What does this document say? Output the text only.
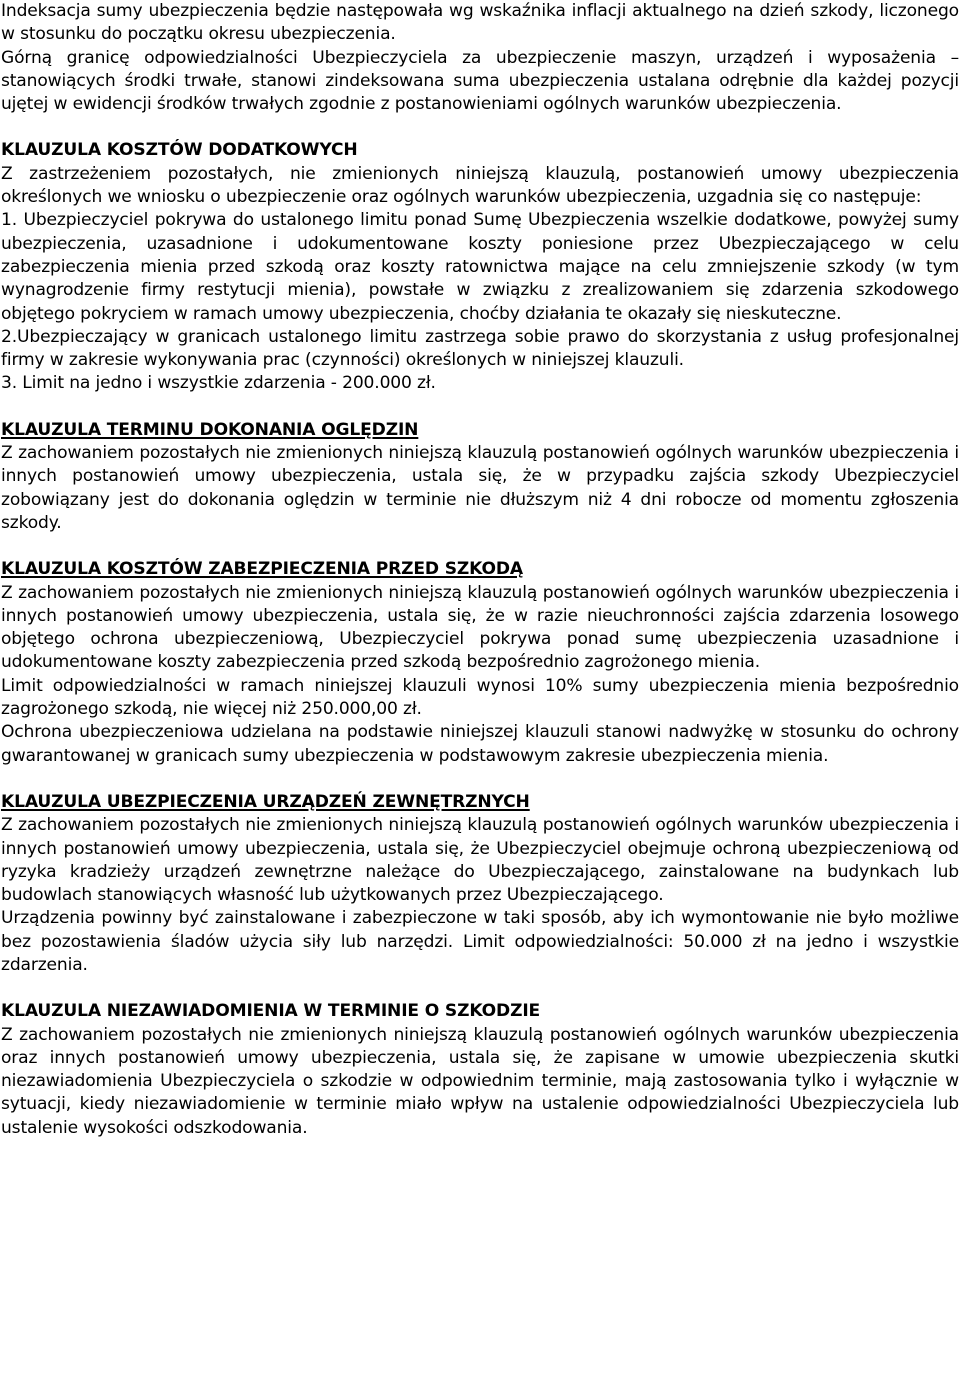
Indeksacja sumy ubezpieczenia będzie następowała wg wskaźnika inflacji aktualnego na dzień szkody, liczonego w stosunku do początku okresu ubezpieczenia.

Górną granicę odpowiedzialności Ubezpieczyciela za ubezpieczenie maszyn, urządzeń i wyposażenia – stanowiących środki trwałe, stanowi zindeksowana suma ubezpieczenia ustalana odrębnie dla każdej pozycji ujętej w ewidencji środków trwałych zgodnie z postanowieniami ogólnych warunków ubezpieczenia.

KLAUZULA KOSZTÓW DODATKOWYCH

Z zastrzeżeniem pozostałych, nie zmienionych niniejszą klauzulą, postanowień umowy ubezpieczenia określonych we wniosku o ubezpieczenie oraz ogólnych warunków ubezpieczenia, uzgadnia się co następuje:

1. Ubezpieczyciel pokrywa do ustalonego limitu ponad Sumę Ubezpieczenia wszelkie dodatkowe, powyżej sumy ubezpieczenia, uzasadnione i udokumentowane koszty poniesione przez Ubezpieczającego w celu zabezpieczenia mienia przed szkodą oraz koszty ratownictwa mające na celu zmniejszenie szkody (w tym wynagrodzenie firmy restytucji mienia), powstałe w związku z zrealizowaniem się zdarzenia szkodowego objętego pokryciem w ramach umowy ubezpieczenia, choćby działania te okazały się nieskuteczne.

2.Ubezpieczający w granicach ustalonego limitu zastrzega sobie prawo do skorzystania z usług profesjonalnej firmy w zakresie wykonywania prac (czynności) określonych w niniejszej klauzuli.

3. Limit na jedno i wszystkie zdarzenia - 200.000 zł.

KLAUZULA TERMINU DOKONANIA OGLĘDZIN

Z zachowaniem pozostałych nie zmienionych niniejszą klauzulą postanowień ogólnych warunków ubezpieczenia i innych postanowień umowy ubezpieczenia, ustala się, że w przypadku zajścia szkody Ubezpieczyciel zobowiązany jest do dokonania oględzin w terminie nie dłuższym niż 4 dni robocze od momentu zgłoszenia szkody.

KLAUZULA KOSZTÓW ZABEZPIECZENIA PRZED SZKODĄ

Z zachowaniem pozostałych nie zmienionych niniejszą klauzulą postanowień ogólnych warunków ubezpieczenia i innych postanowień umowy ubezpieczenia, ustala się, że w razie nieuchronności zajścia zdarzenia losowego objętego ochrona ubezpieczeniową, Ubezpieczyciel pokrywa ponad sumę ubezpieczenia uzasadnione i udokumentowane koszty zabezpieczenia przed szkodą bezpośrednio zagrożonego mienia.

Limit odpowiedzialności w ramach niniejszej klauzuli wynosi 10% sumy ubezpieczenia mienia bezpośrednio zagrożonego szkodą, nie więcej niż 250.000,00 zł.

Ochrona ubezpieczeniowa udzielana na podstawie niniejszej klauzuli stanowi nadwyżkę w stosunku do ochrony gwarantowanej w granicach sumy ubezpieczenia w podstawowym zakresie ubezpieczenia mienia.

KLAUZULA UBEZPIECZENIA URZĄDZEŃ ZEWNĘTRZNYCH

Z zachowaniem pozostałych nie zmienionych niniejszą klauzulą postanowień ogólnych warunków ubezpieczenia i innych postanowień umowy ubezpieczenia, ustala się, że Ubezpieczyciel obejmuje ochroną ubezpieczeniową od ryzyka kradzieży urządzeń zewnętrzne należące do Ubezpieczającego, zainstalowane na budynkach lub budowlach stanowiących własność lub użytkowanych przez Ubezpieczającego.

Urządzenia powinny być zainstalowane i zabezpieczone w taki sposób, aby ich wymontowanie nie było możliwe bez pozostawienia śladów użycia siły lub narzędzi. Limit odpowiedzialności: 50.000 zł na jedno i wszystkie zdarzenia.

KLAUZULA NIEZAWIADOMIENIA W TERMINIE O SZKODZIE

Z zachowaniem pozostałych nie zmienionych niniejszą klauzulą postanowień ogólnych warunków ubezpieczenia oraz innych postanowień umowy ubezpieczenia, ustala się, że zapisane w umowie ubezpieczenia skutki niezawiadomienia Ubezpieczyciela o szkodzie w odpowiednim terminie, mają zastosowania tylko i wyłącznie w sytuacji, kiedy niezawiadomienie w terminie miało wpływ na ustalenie odpowiedzialności Ubezpieczyciela lub ustalenie wysokości odszkodowania.
